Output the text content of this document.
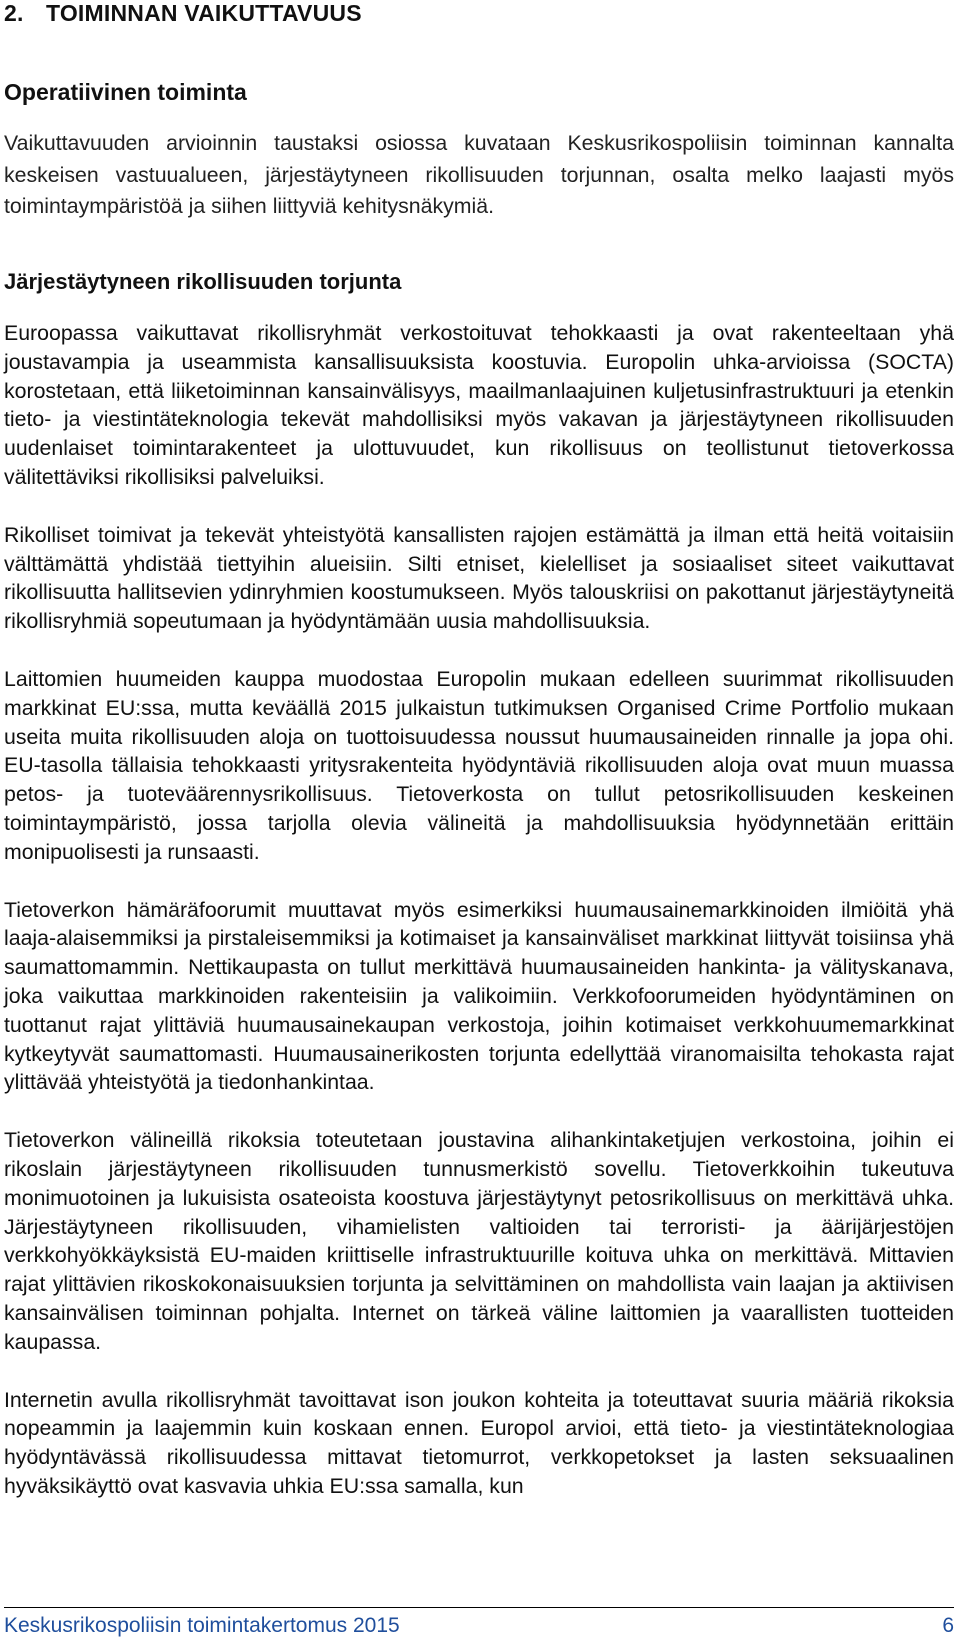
2. TOIMINNAN VAIKUTTAVUUS
Operatiivinen toiminta
Vaikuttavuuden arvioinnin taustaksi osiossa kuvataan Keskusrikospoliisin toiminnan kannalta keskeisen vastuualueen, järjestäytyneen rikollisuuden torjunnan, osalta melko laajasti myös toimintaympäristöä ja siihen liittyviä kehitysnäkymiä.
Järjestäytyneen rikollisuuden torjunta

Euroopassa vaikuttavat rikollisryhmät verkostoituvat tehokkaasti ja ovat rakenteeltaan yhä joustavampia ja useammista kansallisuuksista koostuvia. Europolin uhka-arvioissa (SOCTA) korostetaan, että liiketoiminnan kansainvälisyys, maailmanlaajuinen kuljetusinfrastruktuuri ja etenkin tieto- ja viestintäteknologia tekevät mahdollisiksi myös vakavan ja järjestäytyneen rikollisuuden uudenlaiset toimintarakenteet ja ulottuvuudet, kun rikollisuus on teollistunut tietoverkossa välitettäviksi rikollisiksi palveluiksi.

Rikolliset toimivat ja tekevät yhteistyötä kansallisten rajojen estämättä ja ilman että heitä voitaisiin välttämättä yhdistää tiettyihin alueisiin. Silti etniset, kielelliset ja sosiaaliset siteet vaikuttavat rikollisuutta hallitsevien ydinryhmien koostumukseen. Myös talouskriisi on pakottanut järjestäytyneitä rikollisryhmiä sopeutumaan ja hyödyntämään uusia mahdollisuuksia.

Laittomien huumeiden kauppa muodostaa Europolin mukaan edelleen suurimmat rikollisuuden markkinat EU:ssa, mutta keväällä 2015 julkaistun tutkimuksen Organised Crime Portfolio mukaan useita muita rikollisuuden aloja on tuottoisuudessa noussut huumausaineiden rinnalle ja jopa ohi. EU-tasolla tällaisia tehokkaasti yritysrakenteita hyödyntäviä rikollisuuden aloja ovat muun muassa petos- ja tuoteväärennysrikollisuus. Tietoverkosta on tullut petosrikollisuuden keskeinen toimintaympäristö, jossa tarjolla olevia välineitä ja mahdollisuuksia hyödynnetään erittäin monipuolisesti ja runsaasti.

Tietoverkon hämäräfoorumit muuttavat myös esimerkiksi huumausainemarkkinoiden ilmiöitä yhä laaja-alaisemmiksi ja pirstaleisemmiksi ja kotimaiset ja kansainväliset markkinat liittyvät toisiinsa yhä saumattomammin. Nettikaupasta on tullut merkittävä huumausaineiden hankinta- ja välityskanava, joka vaikuttaa markkinoiden rakenteisiin ja valikoimiin. Verkkofoorumeiden hyödyntäminen on tuottanut rajat ylittäviä huumausainekaupan verkostoja, joihin kotimaiset verkkohuumemarkkinat kytkeytyvät saumattomasti. Huumausainerikosten torjunta edellyttää viranomaisilta tehokasta rajat ylittävää yhteistyötä ja tiedonhankintaa.

Tietoverkon välineillä rikoksia toteutetaan joustavina alihankintaketjujen verkostoina, joihin ei rikoslain järjestäytyneen rikollisuuden tunnusmerkistö sovellu. Tietoverkkoihin tukeutuva monimuotoinen ja lukuisista osateoista koostuva järjestäytynyt petosrikollisuus on merkittävä uhka. Järjestäytyneen rikollisuuden, vihamielisten valtioiden tai terroristi- ja äärijärjestöjen verkkohyökkäyksistä EU-maiden kriittiselle infrastruktuurille koituva uhka on merkittävä. Mittavien rajat ylittävien rikoskokonaisuuksien torjunta ja selvittäminen on mahdollista vain laajan ja aktiivisen kansainvälisen toiminnan pohjalta. Internet on tärkeä väline laittomien ja vaarallisten tuotteiden kaupassa.

Internetin avulla rikollisryhmät tavoittavat ison joukon kohteita ja toteuttavat suuria määriä rikoksia nopeammin ja laajemmin kuin koskaan ennen. Europol arvioi, että tieto- ja viestintäteknologiaa hyödyntävässä rikollisuudessa mittavat tietomurrot, verkkopetokset ja lasten seksuaalinen hyväksikäyttö ovat kasvavia uhkia EU:ssa samalla, kun

Keskusrikospoliisin toimintakertomus 2015	6
